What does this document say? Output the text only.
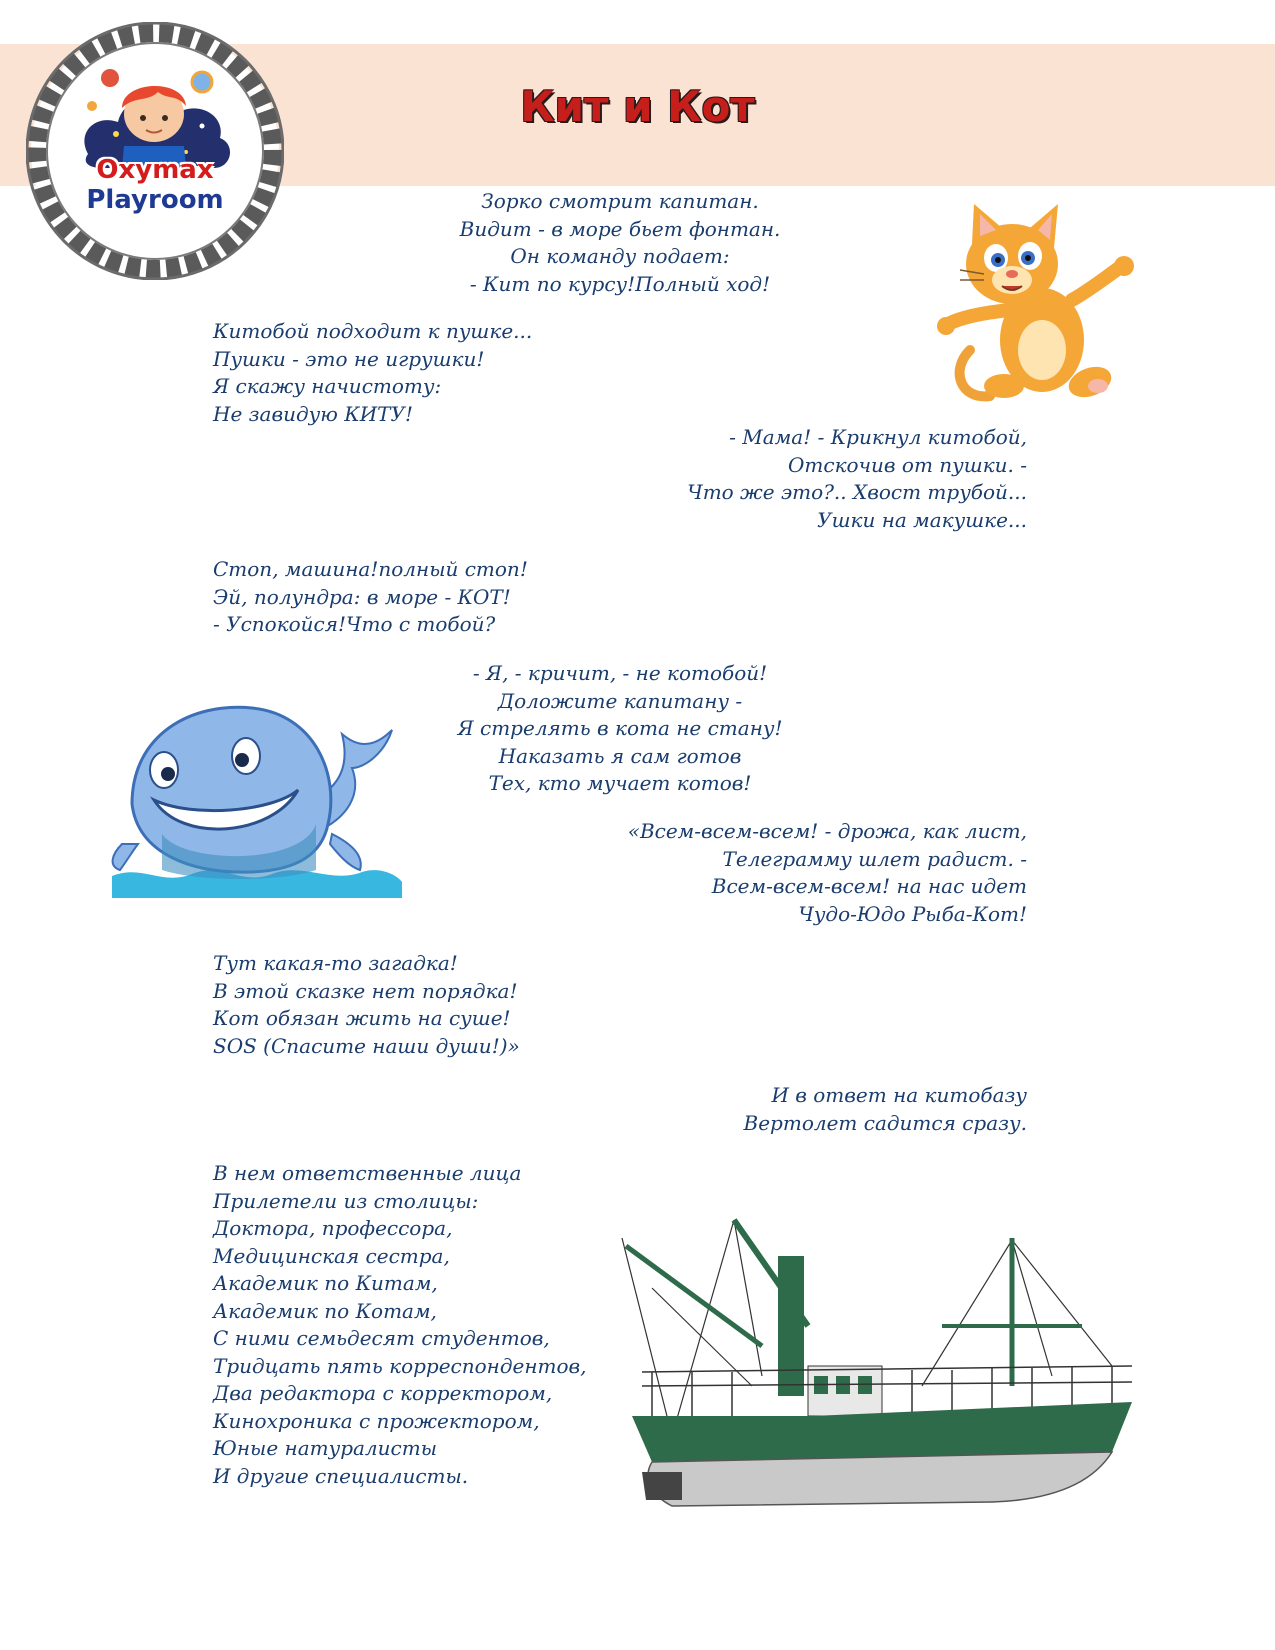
Кит и Кот
Oxymax
Playroom	Зорко смотрит капитан.
Видит - в море бьет фонтан.
Он команду подает:
- Кит по курсу!Полный ход!
Китобой подходит к пушке...
Пушки - это не игрушки!
Я скажу начистоту:
Не завидую КИТУ!
- Мама! - Крикнул китобой,
Отскочив от пушки. -
Что же это?.. Хвост трубой...
Ушки на макушке...
Стоп, машина!полный стоп!
Эй, полундра: в море - КОТ!
- Успокойся!Что с тобой?
- Я, - кричит, - не котобой!
Доложите капитану -
Я стрелять в кота не стану!
Наказать я сам готов
Тех, кто мучает котов!
«Всем-всем-всем! - дрожа, как лист,
Телеграмму шлет радист. -
Всем-всем-всем! на нас идет
Чудо-Юдо Рыба-Кот!
Тут какая-то загадка!
В этой сказке нет порядка!
Кот обязан жить на суше!
SOS (Спасите наши души!)»
И в ответ на китобазу
Вертолет садится сразу.
В нем ответственные лица
Прилетели из столицы:
Доктора, профессора,
Медицинская сестра,
Академик по Китам,
Академик по Котам,
С ними семьдесят студентов,
Тридцать пять корреспондентов,
Два редактора с корректором,
Кинохроника с прожектором,
Юные натуралисты
И другие специалисты.
